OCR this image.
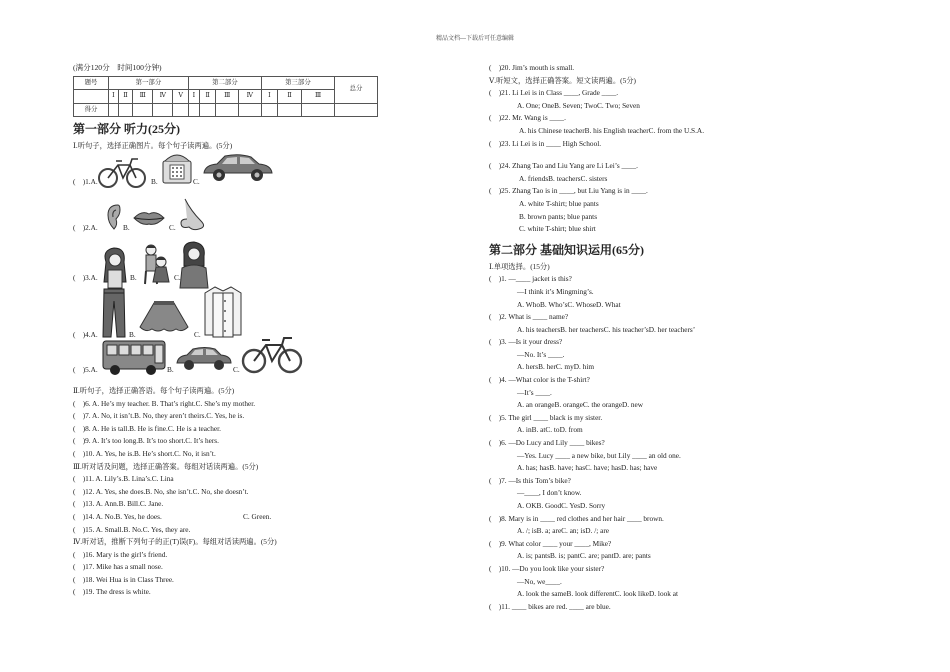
精品文档---下载后可任意编辑
(满分120分　时间100分钟)
题号	第一部分					第二部分				第三部分			总分
	Ⅰ	Ⅱ	Ⅲ	Ⅳ	Ⅴ	Ⅰ	Ⅱ	Ⅲ	Ⅳ	Ⅰ	Ⅱ	Ⅲ	
得分													
第一部分 听力(25分)
Ⅰ.听句子，选择正确图片。每个句子读两遍。(5分)
(　)1.A.	B.	C.
(　)2.A.	B.	C.
(　)3.A.	B.	C.
(　)4.A.	B.	C.
(　)5.A.	B.	C.
Ⅱ.听句子，选择正确答语。每个句子读两遍。(5分)
(　)6. A. He’s my teacher. B. That’s right.C. She’s my mother.
(　)7. A. No, it isn’t.B. No, they aren’t theirs.C. Yes, he is.
(　)8. A. He is tall.B. He is fine.C. He is a teacher.
(　)9. A. It’s too long.B. It’s too short.C. It’s hers.
(　)10. A. Yes, he is.B. He’s short.C. No, it isn’t.
Ⅲ.听对话及问题，选择正确答案。每组对话读两遍。(5分)
(　)11. A. Lily’s.B. Lina’s.C. Lina
(　)12. A. Yes, she does.B. No, she isn’t.C. No, she doesn’t.
(　)13. A. Ann.B. Bill.C. Jane.
(　)14. A. No.B. Yes, he does.	C. Green.
(　)15. A. Small.B. No.C. Yes, they are.
Ⅳ.听对话，推断下列句子的正(T)误(F)。每组对话读两遍。(5分)
(　)16. Mary is the girl’s friend.
(　)17. Mike has a small nose.
(　)18. Wei Hua is in Class Three.
(　)19. The dress is white.
(　)20. Jim’s mouth is small.
Ⅴ.听短文，选择正确答案。短文读两遍。(5分)
(　)21. Li Lei is in Class ____, Grade ____.
A. One; OneB. Seven; TwoC. Two; Seven
(　)22. Mr. Wang is ____.
A. his Chinese teacherB. his English teacherC. from the U.S.A.
(　)23. Li Lei is in ____ High School.
(　)24. Zhang Tao and Liu Yang are Li Lei’s ____.
A. friendsB. teachersC. sisters
(　)25. Zhang Tao is in ____, but Liu Yang is in ____.
A. white T-shirt; blue pants
B. brown pants; blue pants
C. white T-shirt; blue shirt
第二部分 基础知识运用(65分)
Ⅰ.单项选择。(15分)
(　)1. —____ jacket is this?
—I think it’s Mingming’s.
A. WhoB. Who’sC. WhoseD. What
(　)2. What is ____ name?
A. his teachersB. her teachersC. his teacher’sD. her teachers’
(　)3. —Is it your dress?
—No. It’s ____.
A. hersB. herC. myD. him
(　)4. —What color is the T-shirt?
—It’s ____.
A. an orangeB. orangeC. the orangeD. new
(　)5. The girl ____ black is my sister.
A. inB. atC. toD. from
(　)6. —Do Lucy and Lily ____ bikes?
—Yes. Lucy ____ a new bike, but Lily ____ an old one.
A. has; hasB. have; hasC. have; hasD. has; have
(　)7. —Is this Tom’s bike?
—____, I don’t know.
A. OKB. GoodC. YesD. Sorry
(　)8. Mary is in ____ red clothes and her hair ____ brown.
A. /; isB. a; areC. an; isD. /; are
(　)9. What color ____ your ____, Mike?
A. is; pantsB. is; pantC. are; pantD. are; pants
(　)10. —Do you look like your sister?
—No, we____.
A. look the sameB. look differentC. look likeD. look at
(　)11. ____ bikes are red. ____ are blue.
